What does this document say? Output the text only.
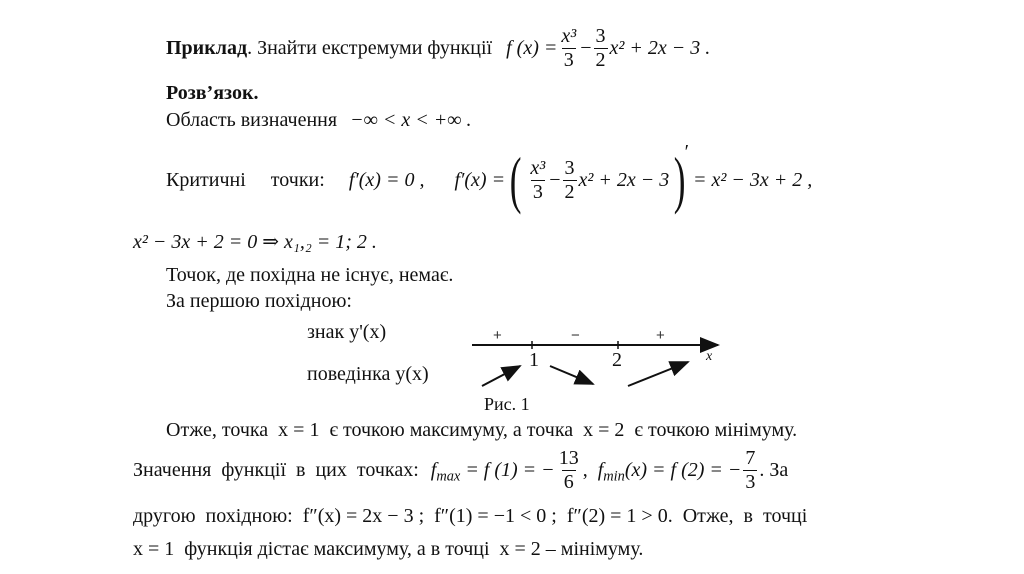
Приклад . Знайти екстремуми функції f $(x) = \frac{\text{x³}}{3} - \frac{3}{2} x^2 + 2x - 3$ .
Розв’язок.
Область визначення −∞ < x < +∞ .
Критичні     точки: f′(x) = 0 , f′(x) = ( $\frac{\text{x³}}{3} - \frac{3}{2} x^2 + 2x - 3$ )
′
= x² − 3x + 2 ,
x² − 3x + 2 = 0 ⇒ x₁,₂ = 1; 2 .
Точок, де похідна не існує, немає.
За першою похідною:
знак y'(x)
поведінка y(x)
+	−	+
1	2	x
Рис. 1
Отже, точка  x = 1  є точкою максимуму, а точка  x = 2  є точкою мінімуму.
Значення  функції  в  цих  точках: $f_{max} = f$ (1) = − $\frac{13}{6}$ , $f_{min}$ (x) = f (2) = − $\frac{7}{3}$ . За
другою  похідною:  f″(x) = 2x − 3 ;  f″(1) = −1 < 0 ;  f″(2) = 1 > 0.  Отже,  в  точці
x = 1  функція дістає максимуму, а в точці  x = 2 – мінімуму.
